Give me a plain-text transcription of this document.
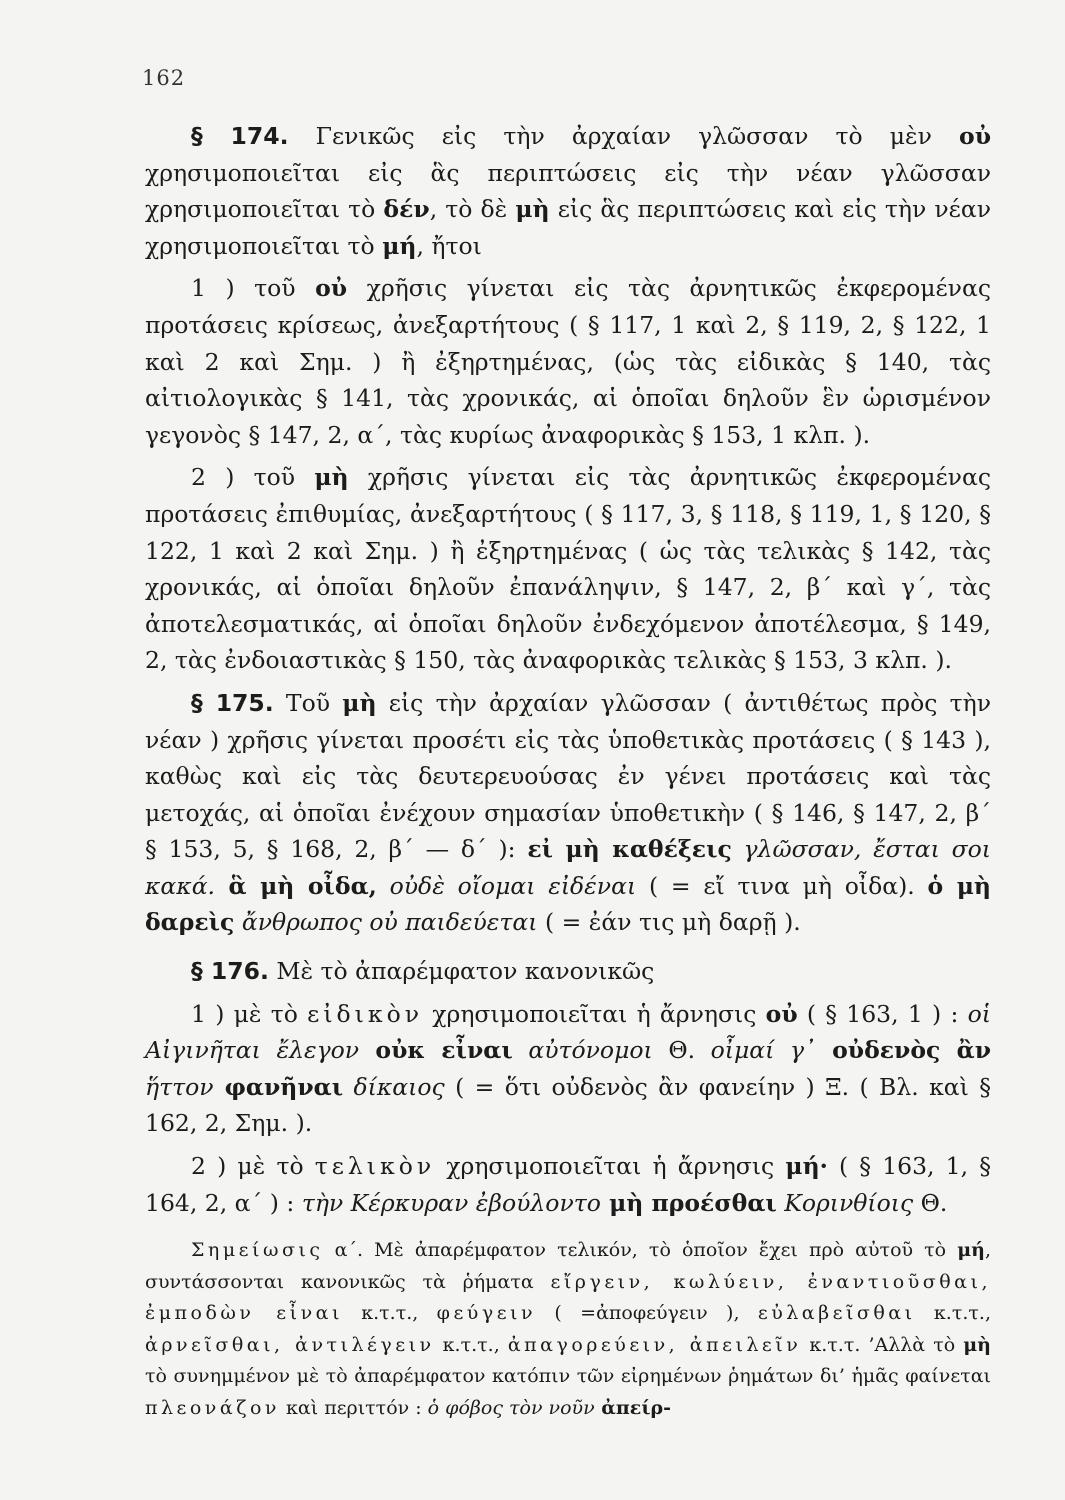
162

§ 174. Γενικῶς εἰς τὴν ἀρχαίαν γλῶσσαν τὸ μὲν οὐ χρησιμοποιεῖται εἰς ἃς περιπτώσεις εἰς τὴν νέαν γλῶσσαν χρησιμοποιεῖται τὸ δέν, τὸ δὲ μὴ εἰς ἃς περιπτώσεις καὶ εἰς τὴν νέαν χρησιμοποιεῖται τὸ μή, ἤτοι

1 ) τοῦ οὐ χρῆσις γίνεται εἰς τὰς ἀρνητικῶς ἐκφερομένας προτάσεις κρίσεως, ἀνεξαρτήτους ( § 117, 1 καὶ 2, § 119, 2, § 122, 1 καὶ 2 καὶ Σημ. ) ἢ ἐξηρτημένας, (ὡς τὰς εἰδικὰς § 140, τὰς αἰτιολογικὰς § 141, τὰς χρονικάς, αἱ ὁποῖαι δηλοῦν ἓν ὡρισμένον γεγονὸς § 147, 2, α΄, τὰς κυρίως ἀναφορικὰς § 153, 1 κλπ. ).

2 ) τοῦ μὴ χρῆσις γίνεται εἰς τὰς ἀρνητικῶς ἐκφερομένας προτάσεις ἐπιθυμίας, ἀνεξαρτήτους ( § 117, 3, § 118, § 119, 1, § 120, § 122, 1 καὶ 2 καὶ Σημ. ) ἢ ἐξηρτημένας ( ὡς τὰς τελικὰς § 142, τὰς χρονικάς, αἱ ὁποῖαι δηλοῦν ἐπανάληψιν, § 147, 2, β΄ καὶ γ΄, τὰς ἀποτελεσματικάς, αἱ ὁποῖαι δηλοῦν ἐνδεχόμενον ἀποτέλεσμα, § 149, 2, τὰς ἐνδοιαστικὰς § 150, τὰς ἀναφορικὰς τελικὰς § 153, 3 κλπ. ).

§ 175. Τοῦ μὴ εἰς τὴν ἀρχαίαν γλῶσσαν ( ἀντιθέτως πρὸς τὴν νέαν ) χρῆσις γίνεται προσέτι εἰς τὰς ὑποθετικὰς προτάσεις ( § 143 ), καθὼς καὶ εἰς τὰς δευτερευούσας ἐν γένει προτάσεις καὶ τὰς μετοχάς, αἱ ὁποῖαι ἐνέχουν σημασίαν ὑποθετικὴν ( § 146, § 147, 2, β΄ § 153, 5, § 168, 2, β΄ — δ΄ ): εἰ μὴ καθέξεις γλῶσσαν, ἔσται σοι κακά. ἃ μὴ οἶδα, οὐδὲ οἴομαι εἰδέναι ( = εἴ τινα μὴ οἶδα). ὁ μὴ δαρεὶς ἄνθρωπος οὐ παιδεύεται ( = ἐάν τις μὴ δαρῇ ).

§ 176. Μὲ τὸ ἀπαρέμφατον κανονικῶς

1 ) μὲ τὸ εἰδικὸν χρησιμοποιεῖται ἡ ἄρνησις οὐ ( § 163, 1 ) : οἱ Αἰγινῆται ἔλεγον οὐκ εἶναι αὐτόνομοι Θ. οἶμαί γ᾽ οὐδενὸς ἂν ἥττον φανῆναι δίκαιος ( = ὅτι οὐδενὸς ἂν φανείην ) Ξ. ( Βλ. καὶ § 162, 2, Σημ. ).

2 ) μὲ τὸ τελικὸν χρησιμοποιεῖται ἡ ἄρνησις μή· ( § 163, 1, § 164, 2, α΄ ) : τὴν Κέρκυραν ἐβούλοντο μὴ προέσθαι Κορινθίοις Θ.

Σημείωσις α΄. Μὲ ἀπαρέμφατον τελικόν, τὸ ὁποῖον ἔχει πρὸ αὐτοῦ τὸ μή, συντάσσονται κανονικῶς τὰ ῥήματα εἴργειν, κωλύειν, ἐναντιοῦσθαι, ἐμποδὼν εἶναι κ.τ.τ., φεύγειν ( =ἀποφεύγειν ), εὐλαβεῖσθαι κ.τ.τ., ἀρνεῖσθαι, ἀντιλέγειν κ.τ.τ., ἀπαγορεύειν, ἀπειλεῖν κ.τ.τ. ’Αλλὰ τὸ μὴ τὸ συνημμένον μὲ τὸ ἀπαρέμφατον κατόπιν τῶν εἰρημένων ῥημάτων δι’ ἡμᾶς φαίνεται πλεονάζον καὶ περιττόν : ὁ φόβος τὸν νοῦν ἀπείρ-
